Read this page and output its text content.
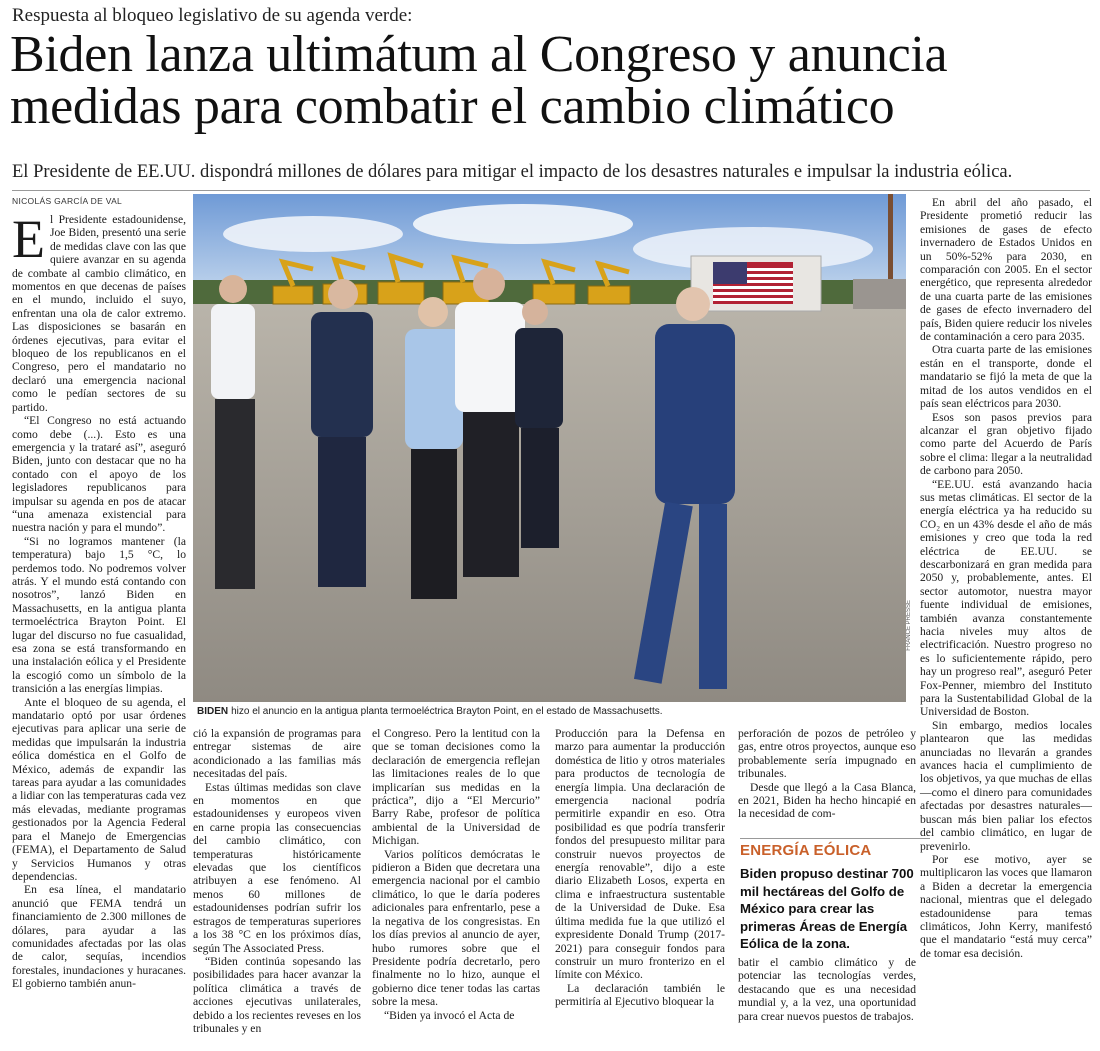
Respuesta al bloqueo legislativo de su agenda verde:
Biden lanza ultimátum al Congreso y anuncia medidas para combatir el cambio climático
El Presidente de EE.UU. dispondrá millones de dólares para mitigar el impacto de los desastres naturales e impulsar la industria eólica.
NICOLÁS GARCÍA DE VAL

El Presidente estadounidense, Joe Biden, presentó una serie de medidas clave con las que quiere avanzar en su agenda de combate al cambio climático, en momentos en que decenas de países en el mundo, incluido el suyo, enfrentan una ola de calor extremo. Las disposiciones se basarán en órdenes ejecutivas, para evitar el bloqueo de los republicanos en el Congreso, pero el mandatario no declaró una emergencia nacional como le pedían sectores de su partido.

“El Congreso no está actuando como debe (...). Esto es una emergencia y la trataré así”, aseguró Biden, junto con destacar que no ha contado con el apoyo de los legisladores republicanos para impulsar su agenda en pos de atacar “una amenaza existencial para nuestra nación y para el mundo”.

“Si no logramos mantener (la temperatura) bajo 1,5 °C, lo perdemos todo. No podremos volver atrás. Y el mundo está contando con nosotros”, lanzó Biden en Massachusetts, en la antigua planta termoeléctrica Brayton Point. El lugar del discurso no fue casualidad, esa zona se está transformando en una instalación eólica y el Presidente la escogió como un símbolo de la transición a las energías limpias.

Ante el bloqueo de su agenda, el mandatario optó por usar órdenes ejecutivas para aplicar una serie de medidas que impulsarán la industria eólica doméstica en el Golfo de México, además de expandir las tareas para ayudar a las comunidades a lidiar con las temperaturas cada vez más elevadas, mediante programas gestionados por la Agencia Federal para el Manejo de Emergencias (FEMA), el Departamento de Salud y Servicios Humanos y otras dependencias.

En esa línea, el mandatario anunció que FEMA tendrá un financiamiento de 2.300 millones de dólares, para ayudar a las comunidades afectadas por las olas de calor, sequías, incendios forestales, inundaciones y huracanes. El gobierno también anun-

FRANCE PRESSE
BIDEN hizo el anuncio en la antigua planta termoeléctrica Brayton Point, en el estado de Massachusetts.

ció la expansión de programas para entregar sistemas de aire acondicionado a las familias más necesitadas del país.

Estas últimas medidas son clave en momentos en que estadounidenses y europeos viven en carne propia las consecuencias del cambio climático, con temperaturas históricamente elevadas que los científicos atribuyen a ese fenómeno. Al menos 60 millones de estadounidenses podrían sufrir los estragos de temperaturas superiores a los 38 °C en los próximos días, según The Associated Press.

“Biden continúa sopesando las posibilidades para hacer avanzar la política climática a través de acciones ejecutivas unilaterales, debido a los recientes reveses en los tribunales y en

el Congreso. Pero la lentitud con la que se toman decisiones como la declaración de emergencia reflejan las limitaciones reales de lo que implicarían sus medidas en la práctica”, dijo a “El Mercurio” Barry Rabe, profesor de política ambiental de la Universidad de Michigan.

Varios políticos demócratas le pidieron a Biden que decretara una emergencia nacional por el cambio climático, lo que le daría poderes adicionales para enfrentarlo, pese a la negativa de los congresistas. En los días previos al anuncio de ayer, hubo rumores sobre que el Presidente podría decretarlo, pero finalmente no lo hizo, aunque el gobierno dice tener todas las cartas sobre la mesa.

“Biden ya invocó el Acta de

Producción para la Defensa en marzo para aumentar la producción doméstica de litio y otros materiales para productos de tecnología de energía limpia. Una declaración de emergencia nacional podría permitirle expandir en eso. Otra posibilidad es que podría transferir fondos del presupuesto militar para construir nuevos proyectos de energía renovable”, dijo a este diario Elizabeth Losos, experta en clima e infraestructura sustentable de la Universidad de Duke. Esa última medida fue la que utilizó el expresidente Donald Trump (2017-2021) para conseguir fondos para construir un muro fronterizo en el límite con México.

La declaración también le permitiría al Ejecutivo bloquear la

perforación de pozos de petróleo y gas, entre otros proyectos, aunque eso probablemente sería impugnado en tribunales.

Desde que llegó a la Casa Blanca, en 2021, Biden ha hecho hincapié en la necesidad de com-

ENERGÍA EÓLICA
Biden propuso destinar 700 mil hectáreas del Golfo de México para crear las primeras Áreas de Energía Eólica de la zona.

batir el cambio climático y de potenciar las tecnologías verdes, destacando que es una necesidad mundial y, a la vez, una oportunidad para crear nuevos puestos de trabajos.

En abril del año pasado, el Presidente prometió reducir las emisiones de gases de efecto invernadero de Estados Unidos en un 50%-52% para 2030, en comparación con 2005. En el sector energético, que representa alrededor de una cuarta parte de las emisiones de gases de efecto invernadero del país, Biden quiere reducir los niveles de contaminación a cero para 2035.

Otra cuarta parte de las emisiones están en el transporte, donde el mandatario se fijó la meta de que la mitad de los autos vendidos en el país sean eléctricos para 2030.

Esos son pasos previos para alcanzar el gran objetivo fijado como parte del Acuerdo de París sobre el clima: llegar a la neutralidad de carbono para 2050.

“EE.UU. está avanzando hacia sus metas climáticas. El sector de la energía eléctrica ya ha reducido su CO₂ en un 43% desde el año de más emisiones y creo que toda la red eléctrica de EE.UU. se descarbonizará en gran medida para 2050 y, probablemente, antes. El sector automotor, nuestra mayor fuente individual de emisiones, también avanza constantemente hacia niveles muy altos de electrificación. Nuestro progreso no es lo suficientemente rápido, pero hay un progreso real”, aseguró Peter Fox-Penner, miembro del Instituto para la Sustentabilidad Global de la Universidad de Boston.

Sin embargo, medios locales plantearon que las medidas anunciadas no llevarán a grandes avances hacia el cumplimiento de los objetivos, ya que muchas de ellas —como el dinero para comunidades afectadas por desastres naturales— buscan más bien paliar los efectos del cambio climático, en lugar de prevenirlo.

Por ese motivo, ayer se multiplicaron las voces que llamaron a Biden a decretar la emergencia nacional, mientras que el delegado estadounidense para temas climáticos, John Kerry, manifestó que el mandatario “está muy cerca” de tomar esa decisión.
